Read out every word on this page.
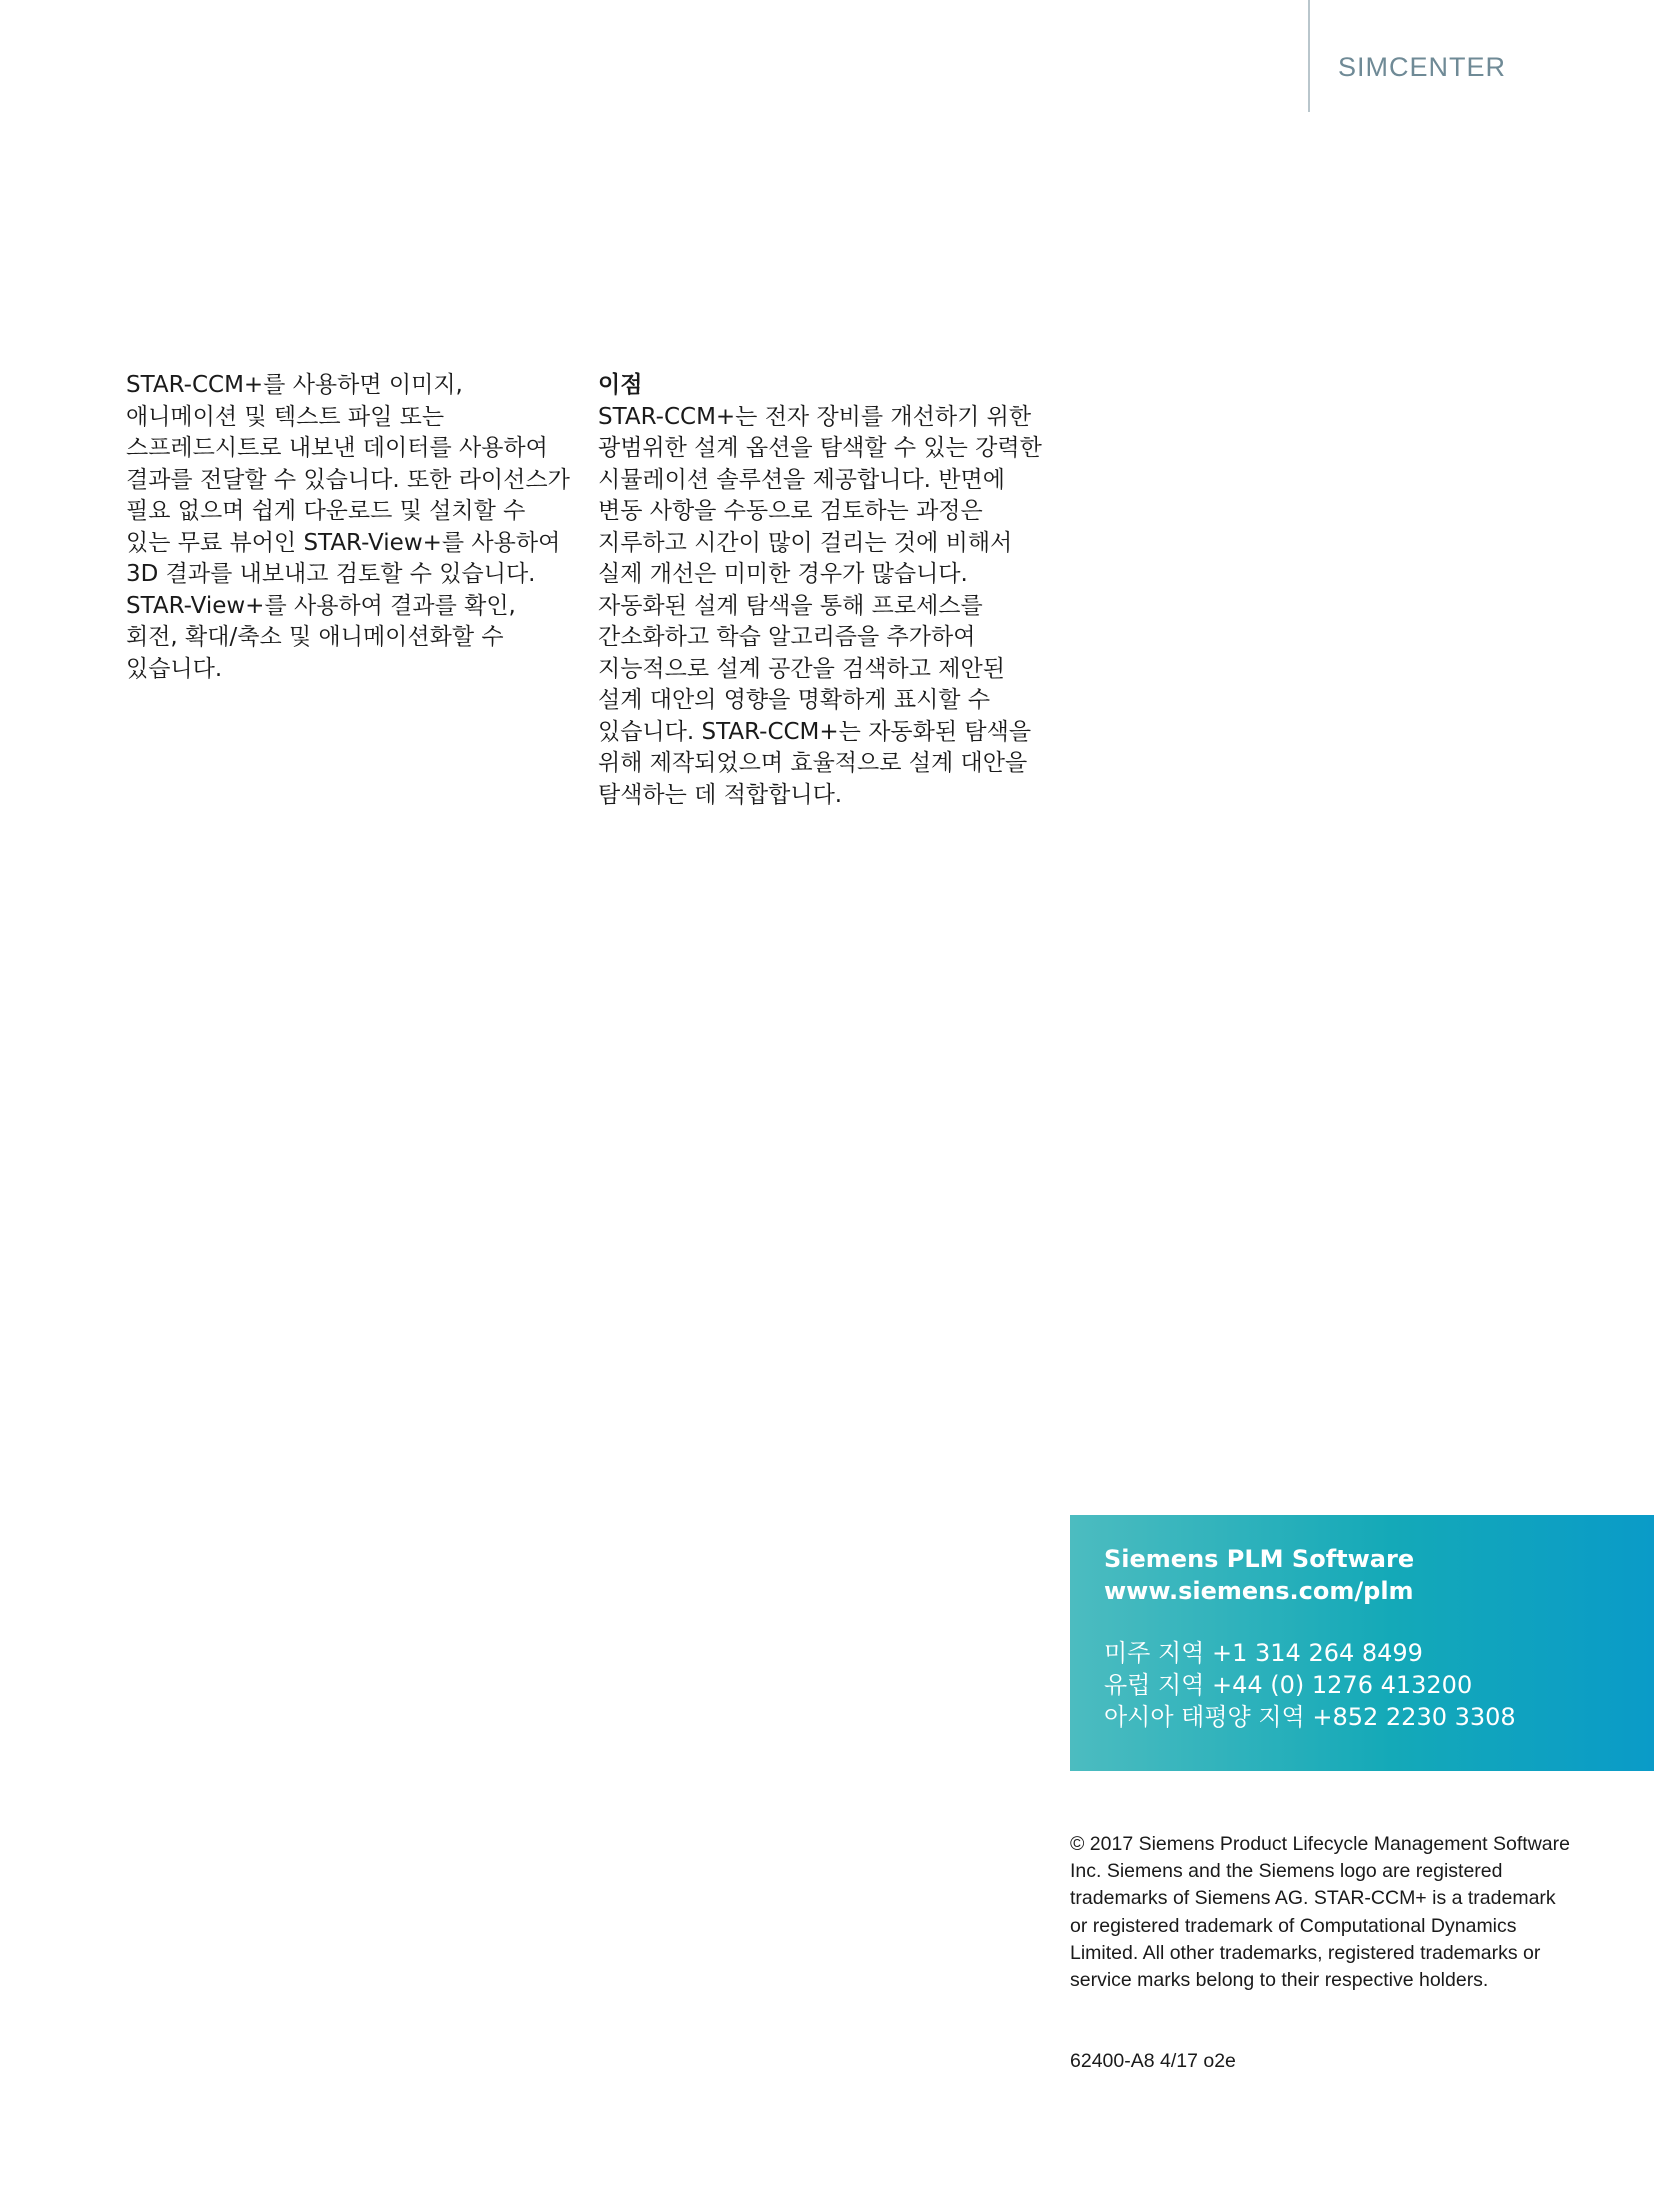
SIMCENTER

STAR-CCM+를 사용하면 이미지, 애니메이션 및 텍스트 파일 또는 스프레드시트로 내보낸 데이터를 사용하여 결과를 전달할 수 있습니다. 또한 라이선스가 필요 없으며 쉽게 다운로드 및 설치할 수 있는 무료 뷰어인 STAR-View+를 사용하여 3D 결과를 내보내고 검토할 수 있습니다. STAR-View+를 사용하여 결과를 확인, 회전, 확대/축소 및 애니메이션화할 수 있습니다.

이점

STAR-CCM+는 전자 장비를 개선하기 위한 광범위한 설계 옵션을 탐색할 수 있는 강력한 시뮬레이션 솔루션을 제공합니다. 반면에 변동 사항을 수동으로 검토하는 과정은 지루하고 시간이 많이 걸리는 것에 비해서 실제 개선은 미미한 경우가 많습니다. 자동화된 설계 탐색을 통해 프로세스를 간소화하고 학습 알고리즘을 추가하여 지능적으로 설계 공간을 검색하고 제안된 설계 대안의 영향을 명확하게 표시할 수 있습니다. STAR-CCM+는 자동화된 탐색을 위해 제작되었으며 효율적으로 설계 대안을 탐색하는 데 적합합니다.

Siemens PLM Software
www.siemens.com/plm
미주 지역 +1 314 264 8499
유럽 지역 +44 (0) 1276 413200
아시아 태평양 지역 +852 2230 3308
© 2017 Siemens Product Lifecycle Management Software Inc. Siemens and the Siemens logo are registered trademarks of Siemens AG. STAR-CCM+ is a trademark or registered trademark of Computational Dynamics Limited. All other trademarks, registered trademarks or service marks belong to their respective holders.
62400-A8 4/17 o2e
